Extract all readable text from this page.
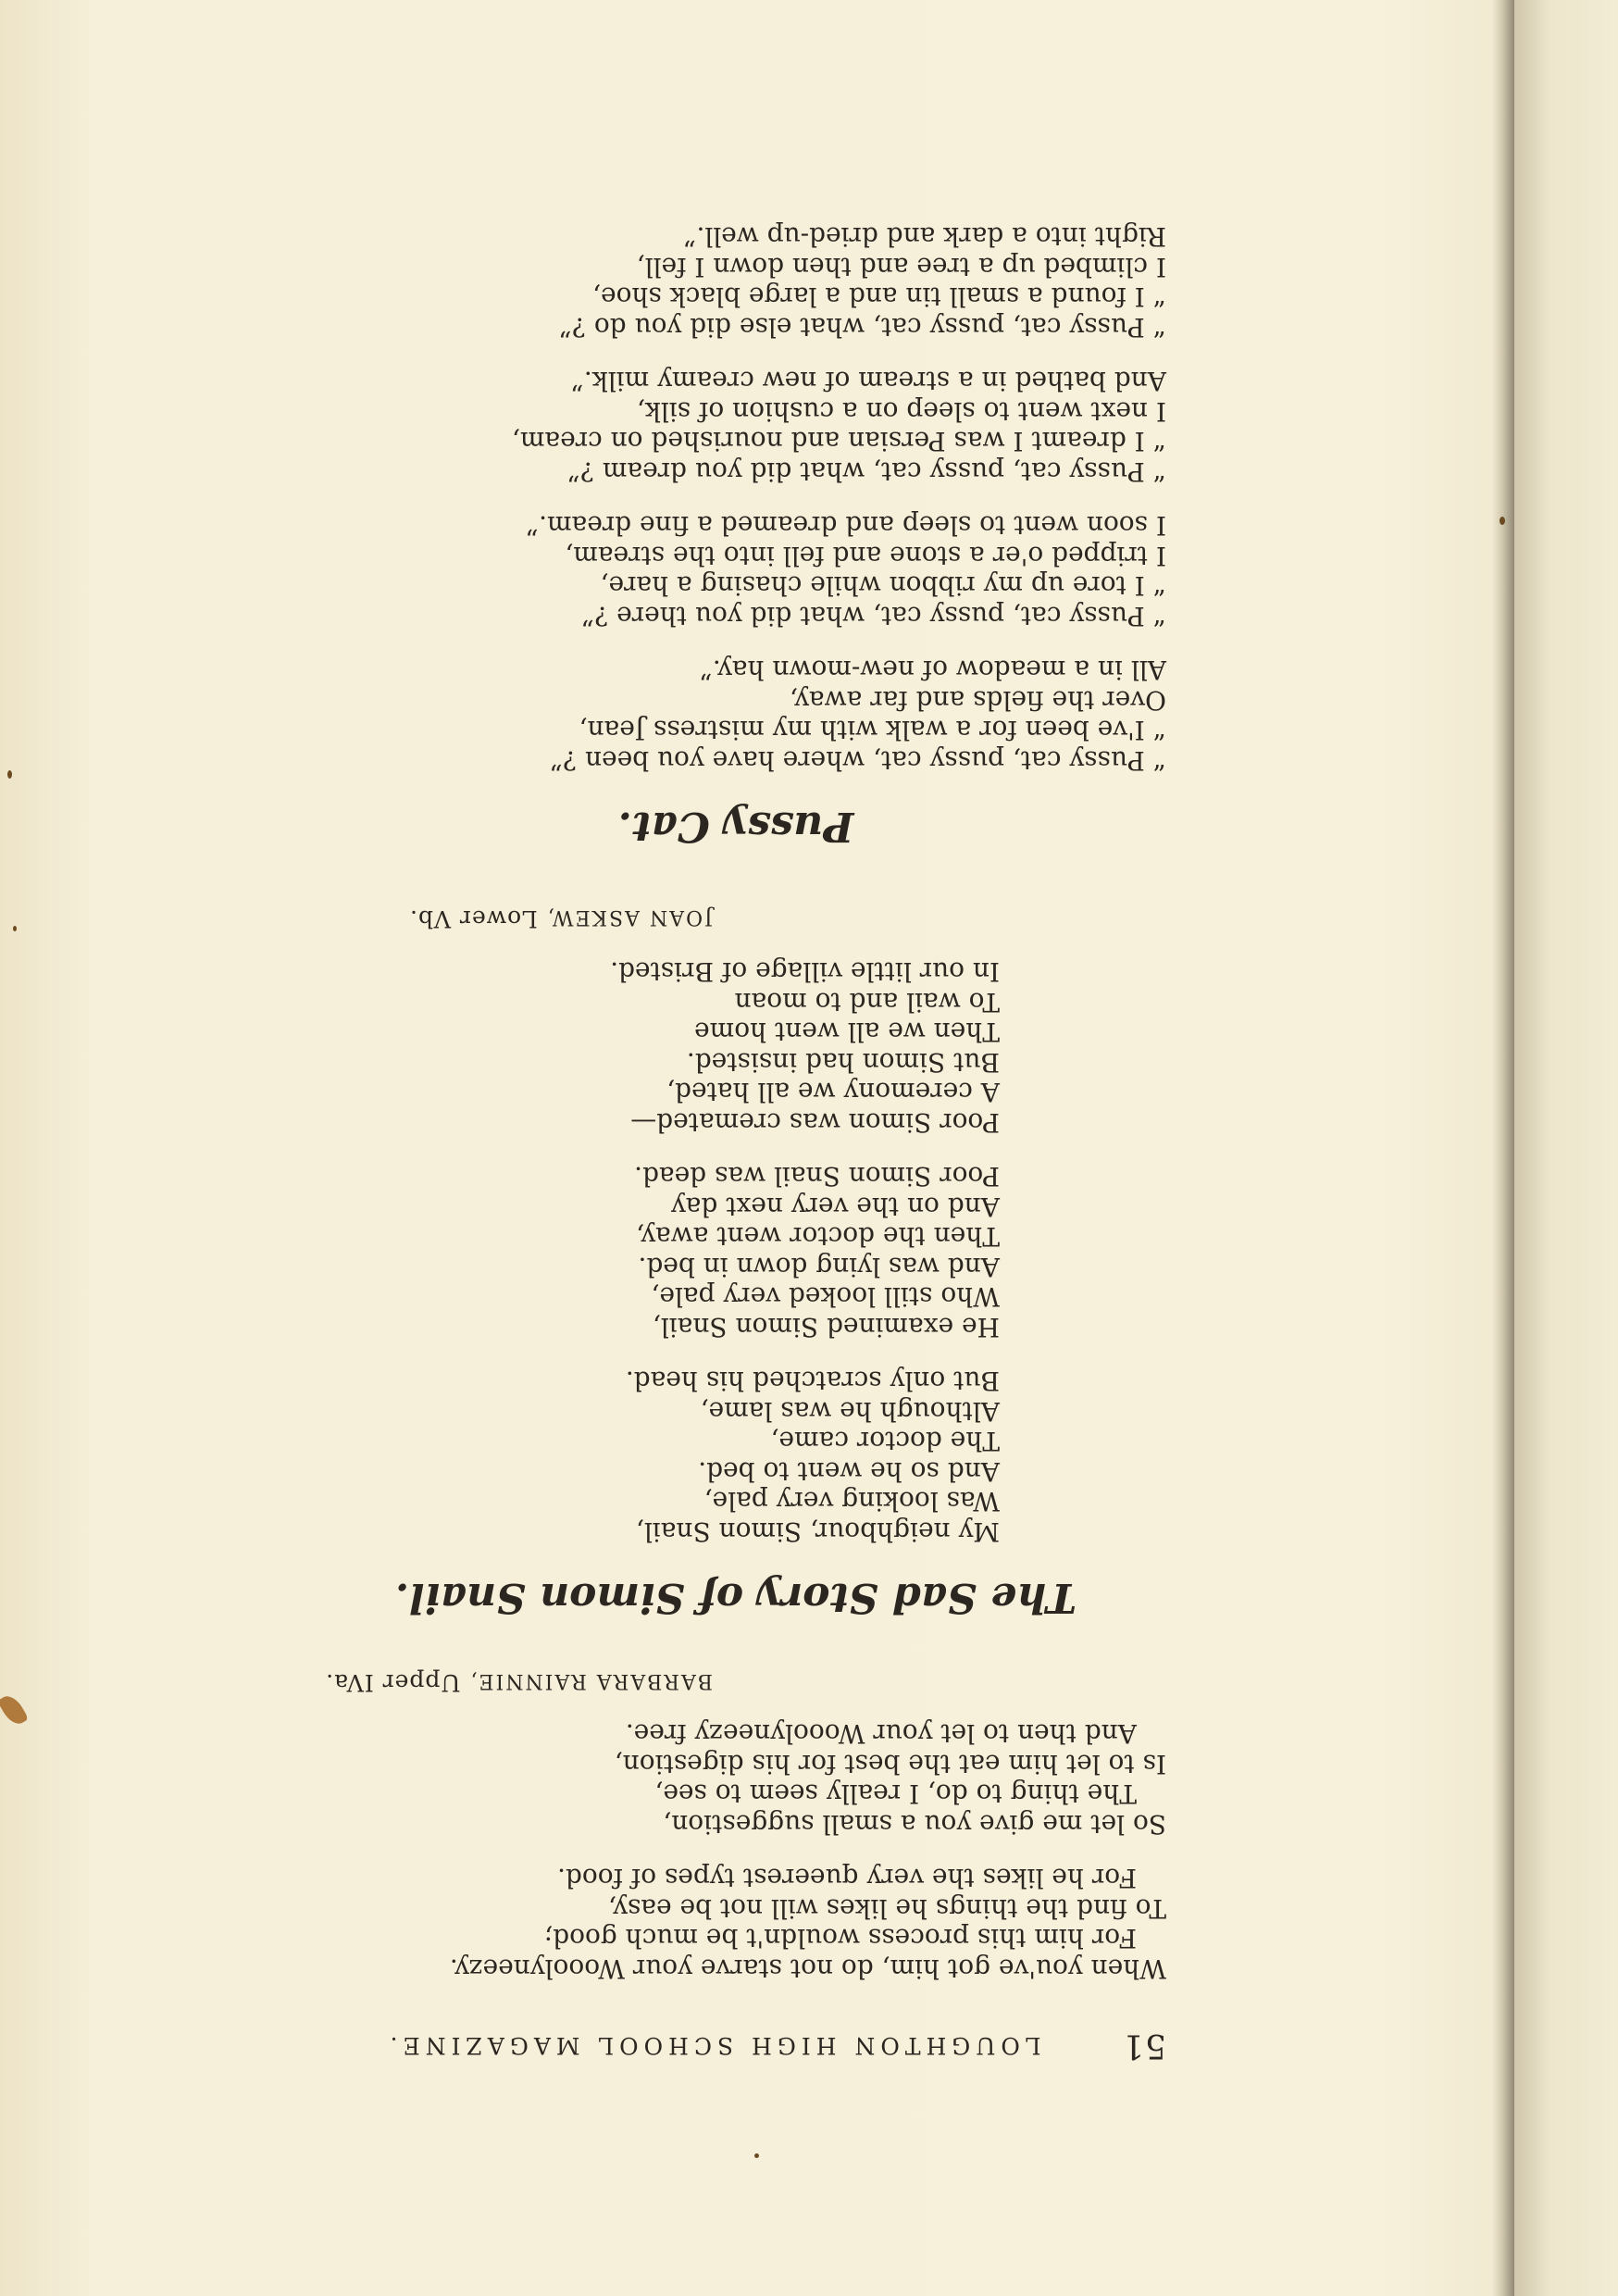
51
LOUGHTON HIGH SCHOOL MAGAZINE.

When you've got him, do not starve your Wooolyneezy.
For him this process wouldn't be much good;
To find the things he likes will not be easy,
For he likes the very queerest types of food.

So let me give you a small suggestion,
The thing to do, I really seem to see,
Is to let him eat the best for his digestion,
And then to let your Wooolyneezy free.

BARBARA RAINNIE, Upper IVa.
The Sad Story of Simon Snail.

My neighbour, Simon Snail,
Was looking very pale,
And so he went to bed.
The doctor came,
Although he was lame,
But only scratched his head.

He examined Simon Snail,
Who still looked very pale,
And was lying down in bed.
Then the doctor went away,
And on the very next day
Poor Simon Snail was dead.

Poor Simon was cremated—
A ceremony we all hated,
But Simon had insisted.
Then we all went home
To wail and to moan
In our little village of Bristed.

JOAN ASKEW, Lower Vb.
Pussy Cat.

“ Pussy cat, pussy cat, where have you been ?”
“ I've been for a walk with my mistress Jean,
Over the fields and far away,
All in a meadow of new-mown hay.”

“ Pussy cat, pussy cat, what did you there ?”
“ I tore up my ribbon while chasing a hare,
I tripped o'er a stone and fell into the stream,
I soon went to sleep and dreamed a fine dream.”

“ Pussy cat, pussy cat, what did you dream ?”
“ I dreamt I was Persian and nourished on cream,
I next went to sleep on a cushion of silk,
And bathed in a stream of new creamy milk.”

“ Pussy cat, pussy cat, what else did you do ?”
“ I found a small tin and a large black shoe,
I climbed up a tree and then down I fell,
Right into a dark and dried-up well.”
